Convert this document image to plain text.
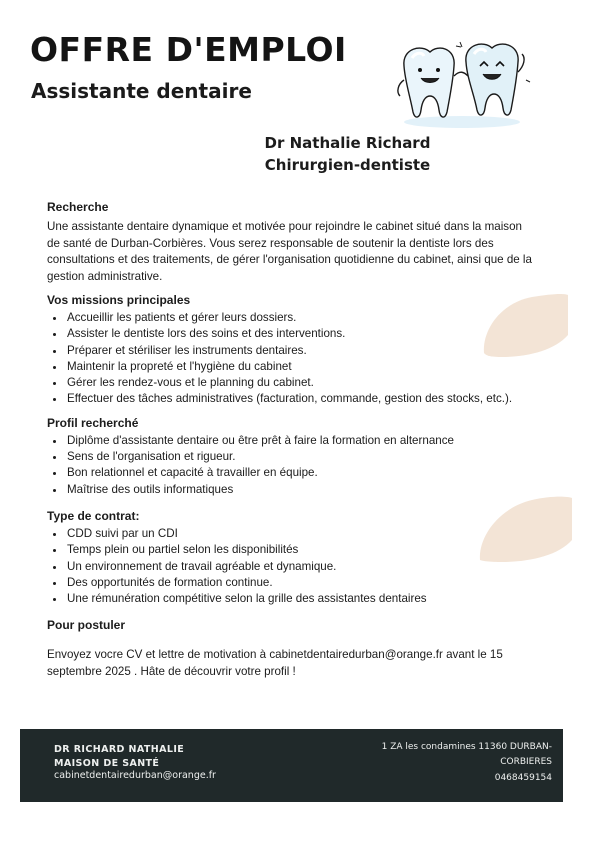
OFFRE D'EMPLOI
Assistante dentaire
Dr Nathalie Richard
Chirurgien-dentiste
Recherche

Une assistante dentaire dynamique et motivée pour rejoindre le cabinet situé dans la maison de santé de Durban-Corbières. Vous serez responsable de soutenir la dentiste lors des consultations et des traitements, de gérer l'organisation quotidienne du cabinet, ainsi que de la gestion administrative.

Vos missions principales
• Accueillir les patients et gérer leurs dossiers.
• Assister le dentiste lors des soins et des interventions.
• Préparer et stériliser les instruments dentaires.
• Maintenir la propreté et l'hygiène du cabinet
• Gérer les rendez-vous et le planning du cabinet.
• Effectuer des tâches administratives (facturation, commande, gestion des stocks, etc.).
Profil recherché
• Diplôme d'assistante dentaire ou être prêt à faire la formation en alternance
• Sens de l'organisation et rigueur.
• Bon relationnel et capacité à travailler en équipe.
• Maîtrise des outils informatiques
Type de contrat:
• CDD suivi par un CDI
• Temps plein ou partiel selon les disponibilités
• Un environnement de travail agréable et dynamique.
• Des opportunités de formation continue.
• Une rémunération compétitive selon la grille des assistantes dentaires
Pour postuler

Envoyez vocre CV et lettre de motivation à cabinetdentairedurban@orange.fr avant le 15 septembre 2025 . Hâte de découvrir votre profil !

DR RICHARD NATHALIE
MAISON DE SANTÉ
cabinetdentairedurban@orange.fr
1 ZA les condamines 11360 DURBAN-CORBIERES
0468459154
